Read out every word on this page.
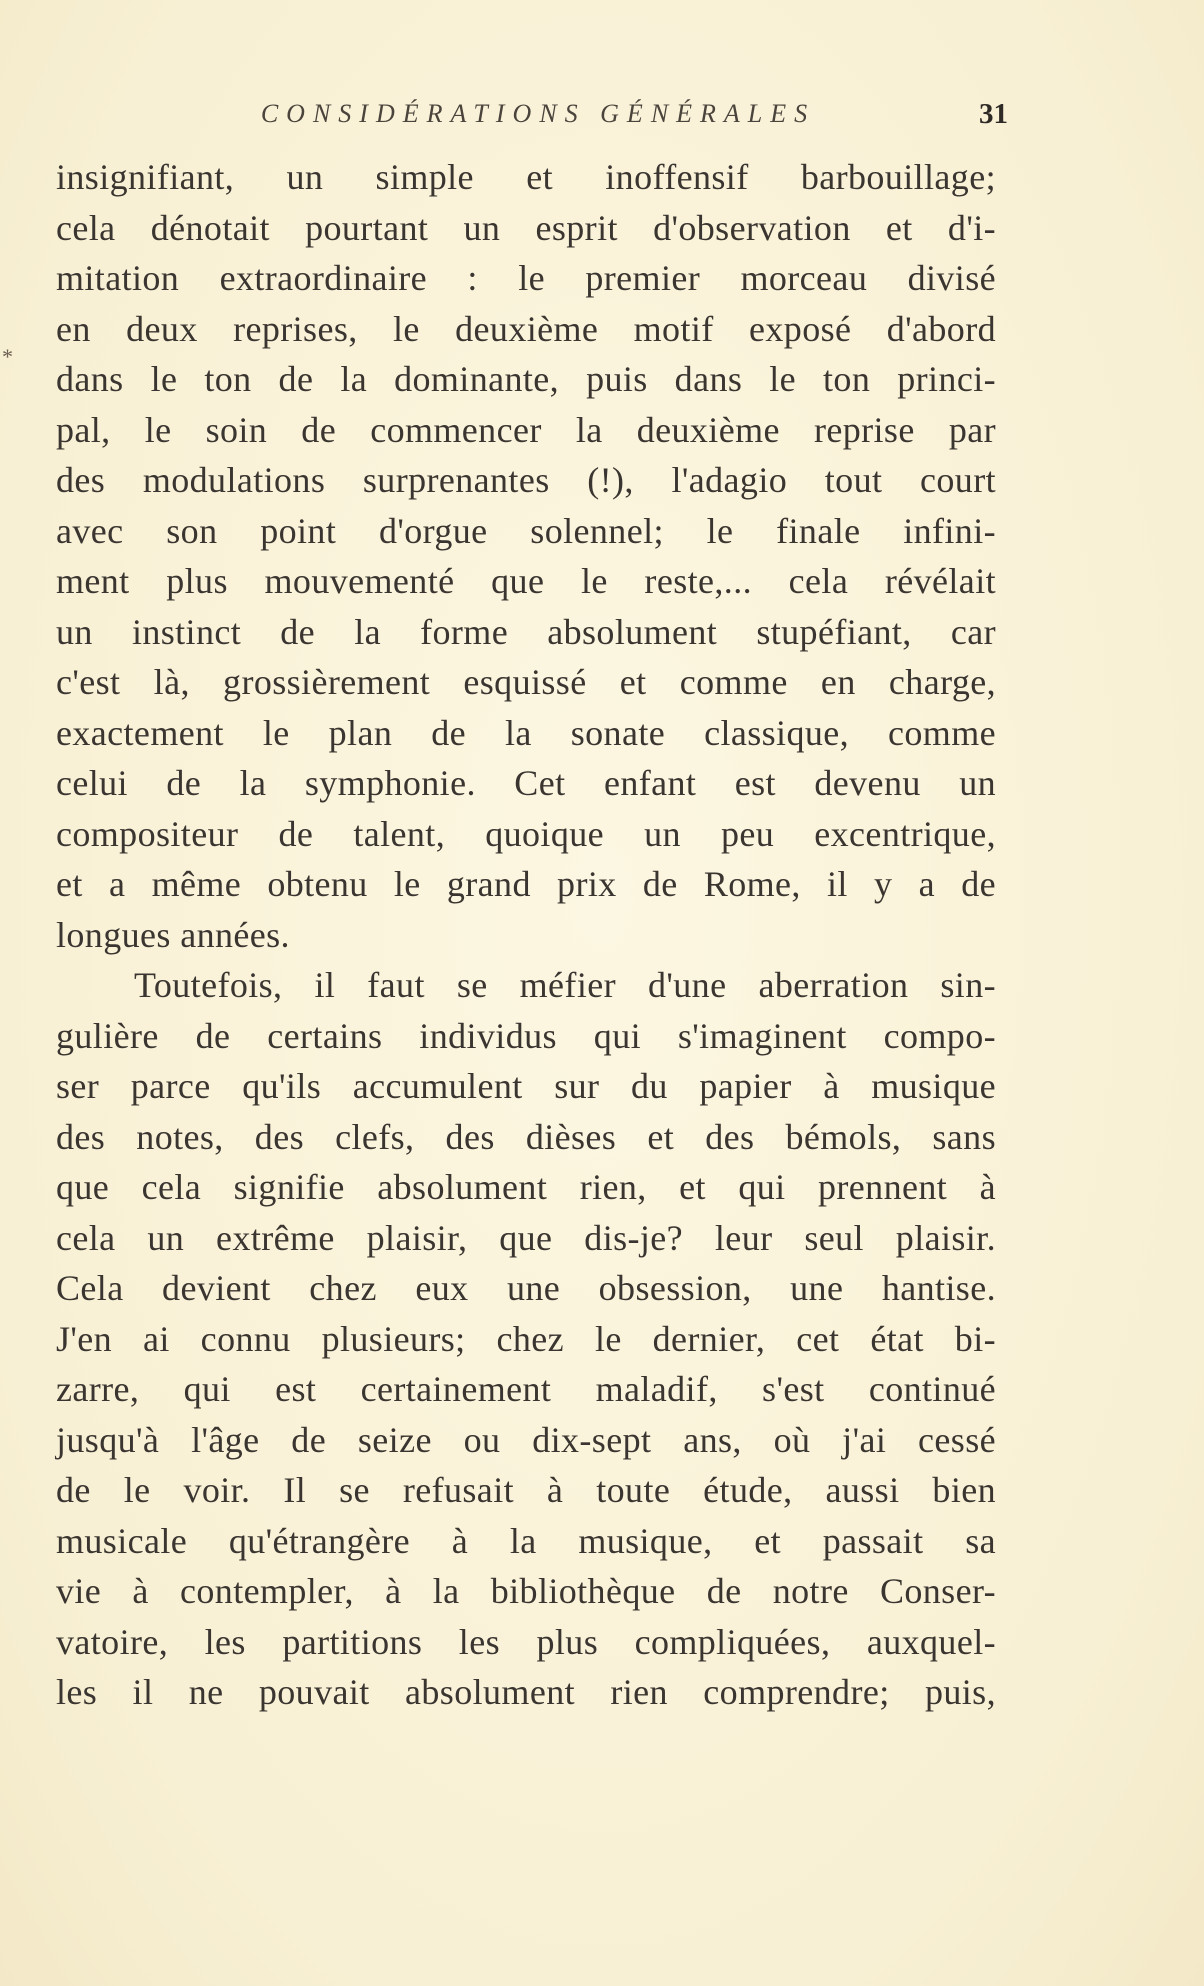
CONSIDÉRATIONS GÉNÉRALES	31
*
insignifiant, un simple et inoffensif barbouillage;
cela dénotait pourtant un esprit d'observation et d'i-
mitation extraordinaire : le premier morceau divisé
en deux reprises, le deuxième motif exposé d'abord
dans le ton de la dominante, puis dans le ton princi-
pal, le soin de commencer la deuxième reprise par
des modulations surprenantes (!), l'adagio tout court
avec son point d'orgue solennel; le finale infini-
ment plus mouvementé que le reste,... cela révélait
un instinct de la forme absolument stupéfiant, car
c'est là, grossièrement esquissé et comme en charge,
exactement le plan de la sonate classique, comme
celui de la symphonie. Cet enfant est devenu un
compositeur de talent, quoique un peu excentrique,
et a même obtenu le grand prix de Rome, il y a de
longues années.
Toutefois, il faut se méfier d'une aberration sin-
gulière de certains individus qui s'imaginent compo-
ser parce qu'ils accumulent sur du papier à musique
des notes, des clefs, des dièses et des bémols, sans
que cela signifie absolument rien, et qui prennent à
cela un extrême plaisir, que dis-je? leur seul plaisir.
Cela devient chez eux une obsession, une hantise.
J'en ai connu plusieurs; chez le dernier, cet état bi-
zarre, qui est certainement maladif, s'est continué
jusqu'à l'âge de seize ou dix-sept ans, où j'ai cessé
de le voir. Il se refusait à toute étude, aussi bien
musicale qu'étrangère à la musique, et passait sa
vie à contempler, à la bibliothèque de notre Conser-
vatoire, les partitions les plus compliquées, auxquel-
les il ne pouvait absolument rien comprendre; puis,
